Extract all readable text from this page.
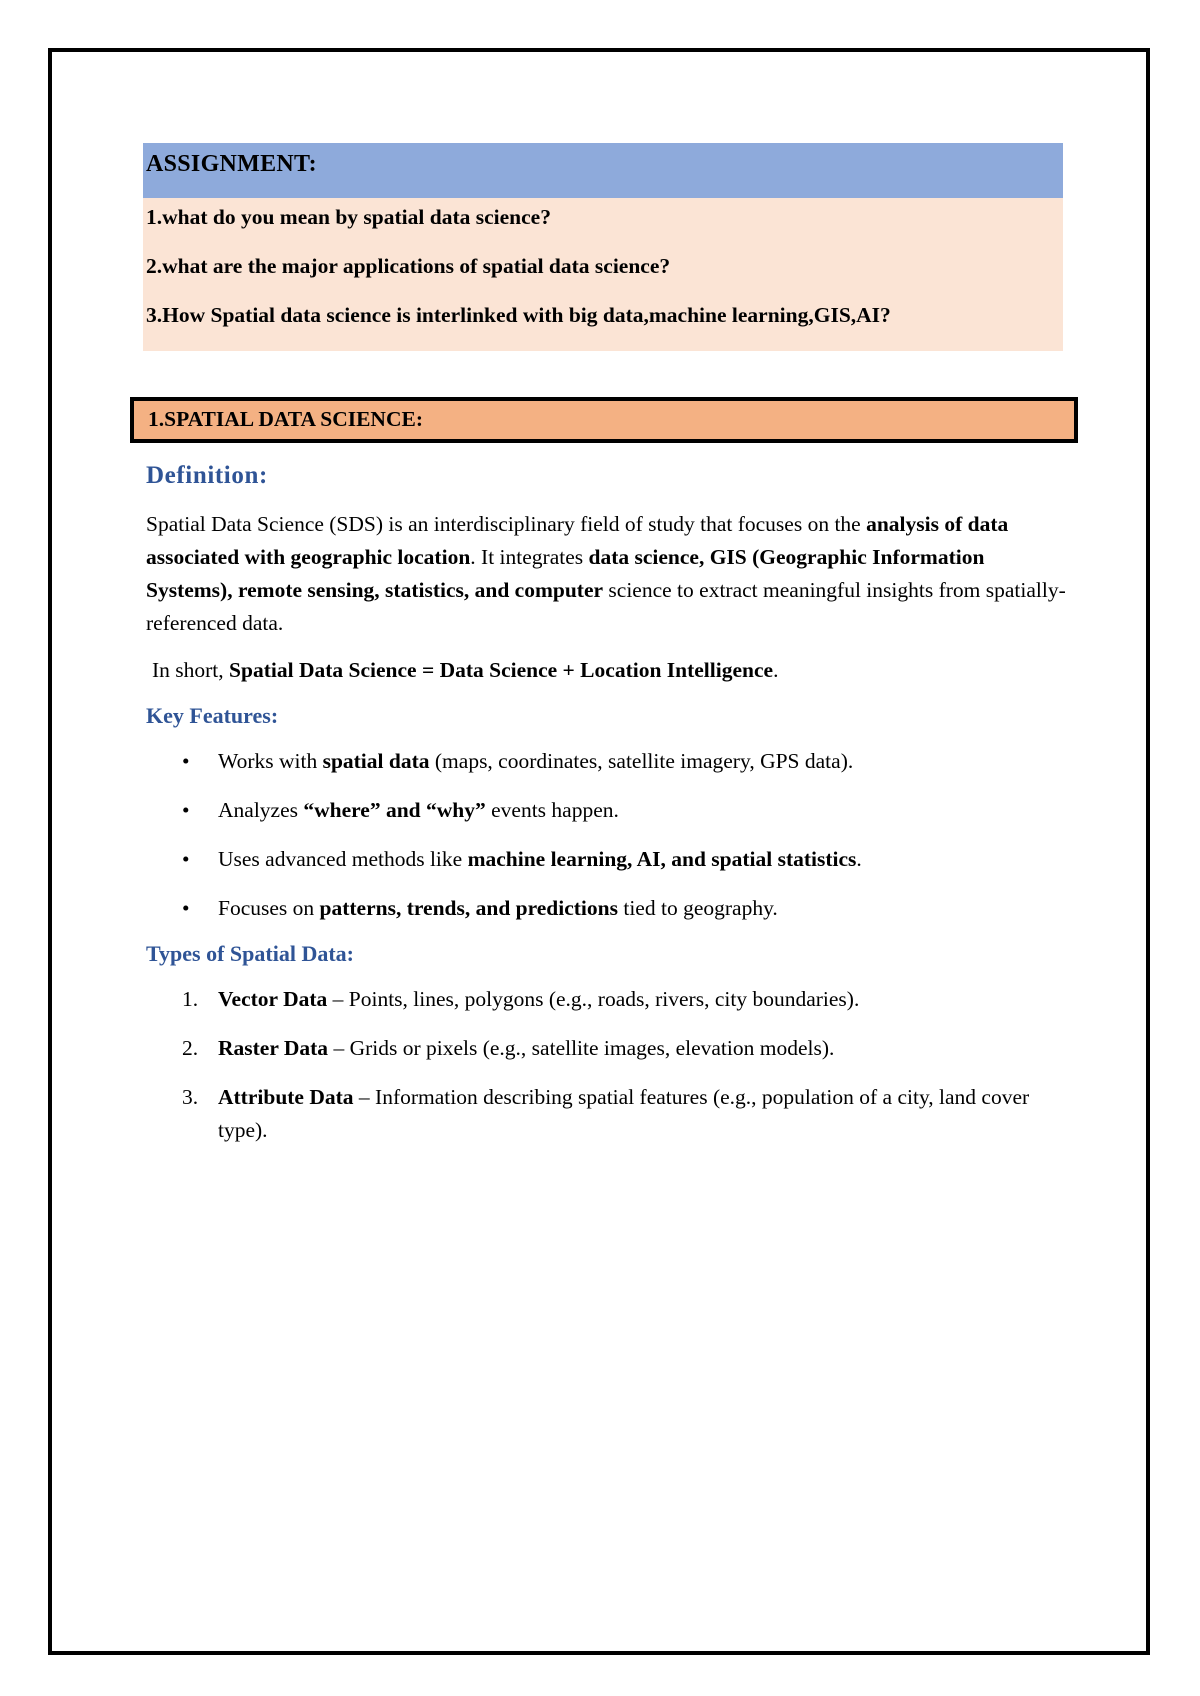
ASSIGNMENT:
1.what do you mean by spatial data science?
2.what are the major applications of spatial data science?
3.How Spatial data science is interlinked with big data,machine learning,GIS,AI?
1.SPATIAL DATA SCIENCE:
Definition:

Spatial Data Science (SDS) is an interdisciplinary field of study that focuses on the analysis of data associated with geographic location. It integrates data science, GIS (Geographic Information Systems), remote sensing, statistics, and computer science to extract meaningful insights from spatially-referenced data.

In short, Spatial Data Science = Data Science + Location Intelligence.

Key Features:
• Works with spatial data (maps, coordinates, satellite imagery, GPS data).
• Analyzes “where” and “why” events happen.
• Uses advanced methods like machine learning, AI, and spatial statistics.
• Focuses on patterns, trends, and predictions tied to geography.
Types of Spatial Data:
1. Vector Data – Points, lines, polygons (e.g., roads, rivers, city boundaries).
2. Raster Data – Grids or pixels (e.g., satellite images, elevation models).
3. Attribute Data – Information describing spatial features (e.g., population of a city, land cover type).
